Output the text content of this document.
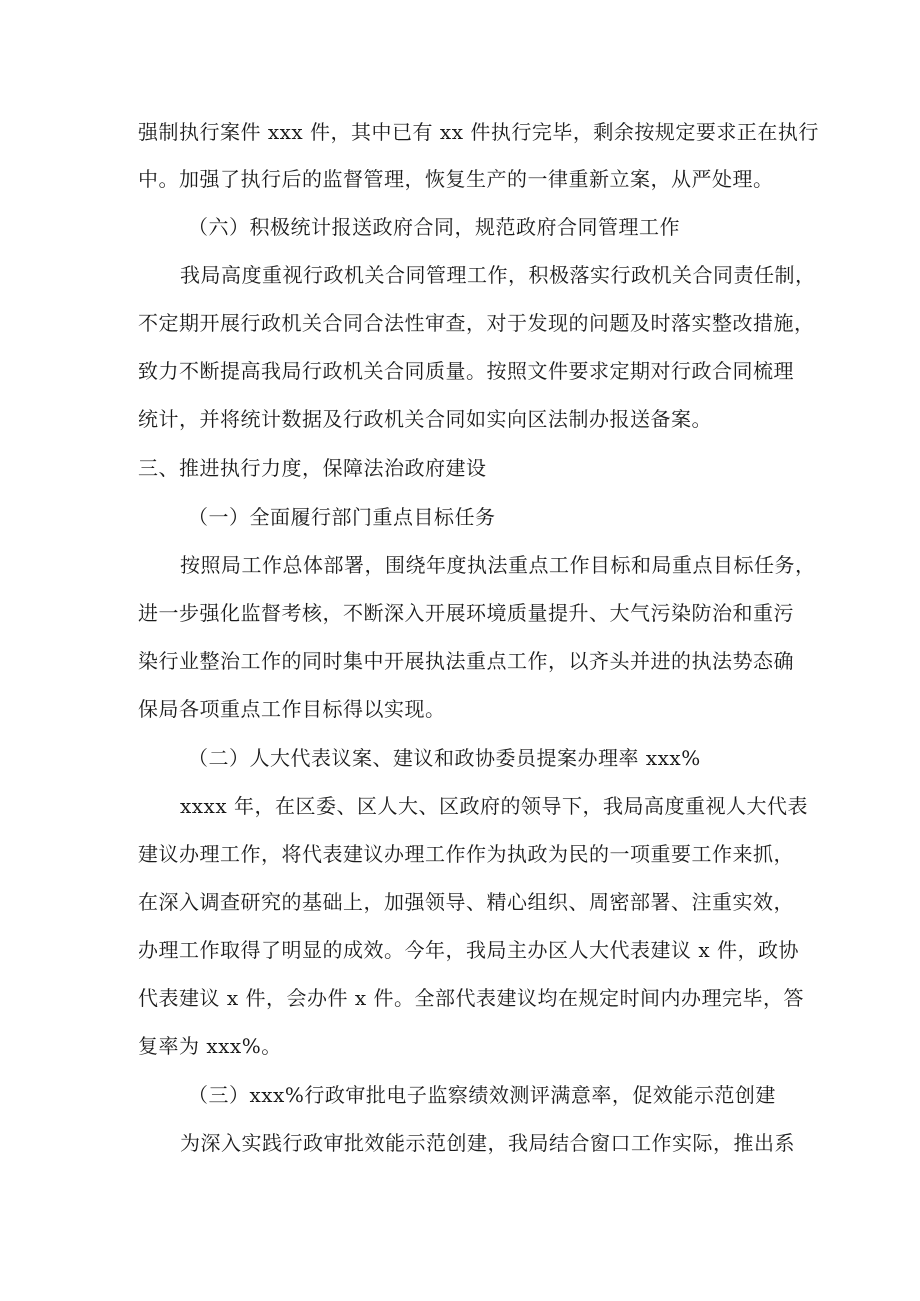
强制执行案件 xxx 件，其中已有 xx 件执行完毕，剩余按规定要求正在执行
中。加强了执行后的监督管理，恢复生产的一律重新立案，从严处理。
（六）积极统计报送政府合同，规范政府合同管理工作
我局高度重视行政机关合同管理工作，积极落实行政机关合同责任制，
不定期开展行政机关合同合法性审查，对于发现的问题及时落实整改措施，
致力不断提高我局行政机关合同质量。按照文件要求定期对行政合同梳理
统计，并将统计数据及行政机关合同如实向区法制办报送备案。
三、推进执行力度，保障法治政府建设
（一）全面履行部门重点目标任务
按照局工作总体部署，围绕年度执法重点工作目标和局重点目标任务，
进一步强化监督考核，不断深入开展环境质量提升、大气污染防治和重污
染行业整治工作的同时集中开展执法重点工作，以齐头并进的执法势态确
保局各项重点工作目标得以实现。
（二）人大代表议案、建议和政协委员提案办理率 xxx%
xxxx 年，在区委、区人大、区政府的领导下，我局高度重视人大代表
建议办理工作，将代表建议办理工作作为执政为民的一项重要工作来抓，
在深入调查研究的基础上，加强领导、精心组织、周密部署、注重实效，
办理工作取得了明显的成效。今年，我局主办区人大代表建议 x 件，政协
代表建议 x 件，会办件 x 件。全部代表建议均在规定时间内办理完毕，答
复率为 xxx%。
（三）xxx%行政审批电子监察绩效测评满意率，促效能示范创建
为深入实践行政审批效能示范创建，我局结合窗口工作实际，推出系
